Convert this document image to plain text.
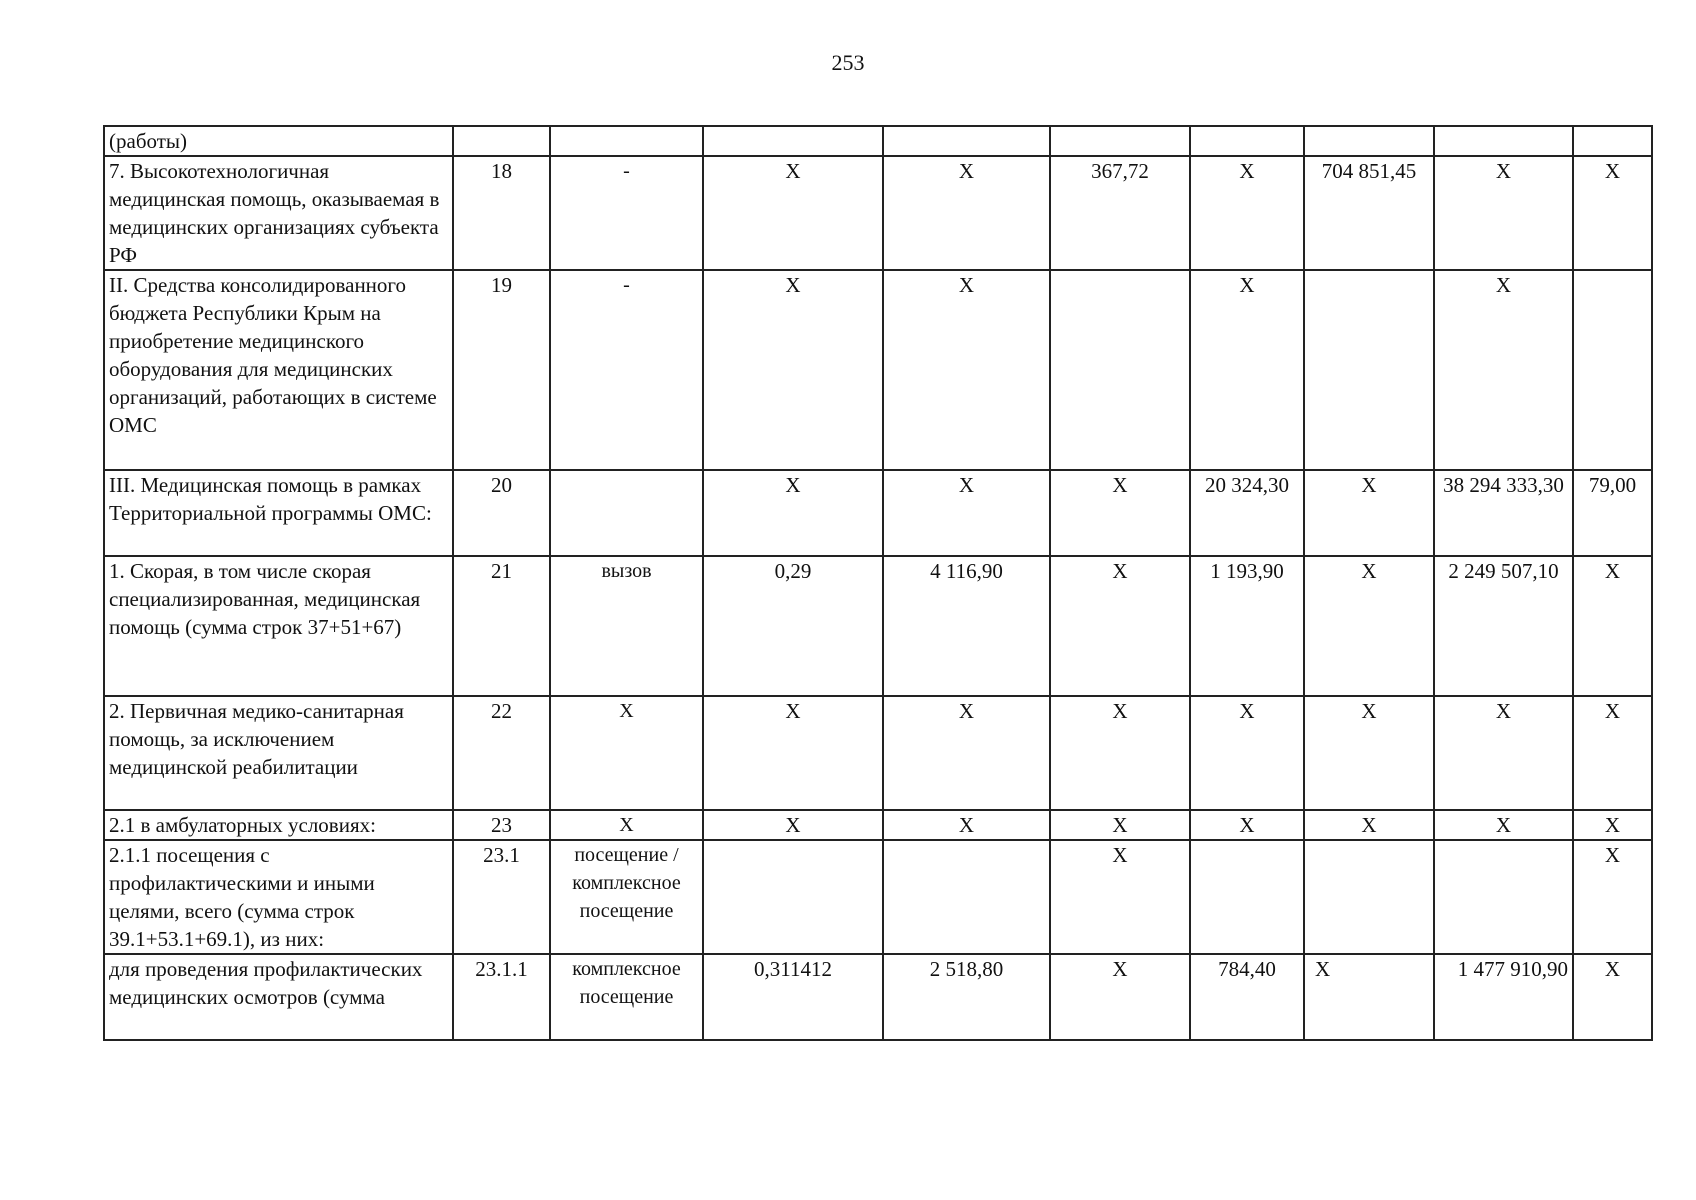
253
(работы)									
7. Высокотехнологичная медицинская помощь, оказываемая в медицинских организациях субъекта РФ	18	-	X	X	367,72	X	704 851,45	X	X
II. Средства консолидированного бюджета Республики Крым на приобретение медицинского оборудования для медицинских организаций, работающих в системе ОМС	19	-	X	X		X		X	
III. Медицинская помощь в рамках Территориальной программы ОМС:	20		X	X	X	20 324,30	X	38 294 333,30	79,00
1. Скорая, в том числе скорая специализированная, медицинская помощь (сумма строк 37+51+67)	21	вызов	0,29	4 116,90	X	1 193,90	X	2 249 507,10	X
2. Первичная медико-санитарная помощь, за исключением медицинской реабилитации	22	X	X	X	X	X	X	X	X
2.1 в амбулаторных условиях:	23	X	X	X	X	X	X	X	X
2.1.1 посещения с профилактическими и иными целями, всего (сумма строк 39.1+53.1+69.1), из них:	23.1	посещение / комплексное посещение			X				X
для проведения профилактических медицинских осмотров (сумма	23.1.1	комплексное посещение	0,311412	2 518,80	X	784,40	X	1 477 910,90	X
